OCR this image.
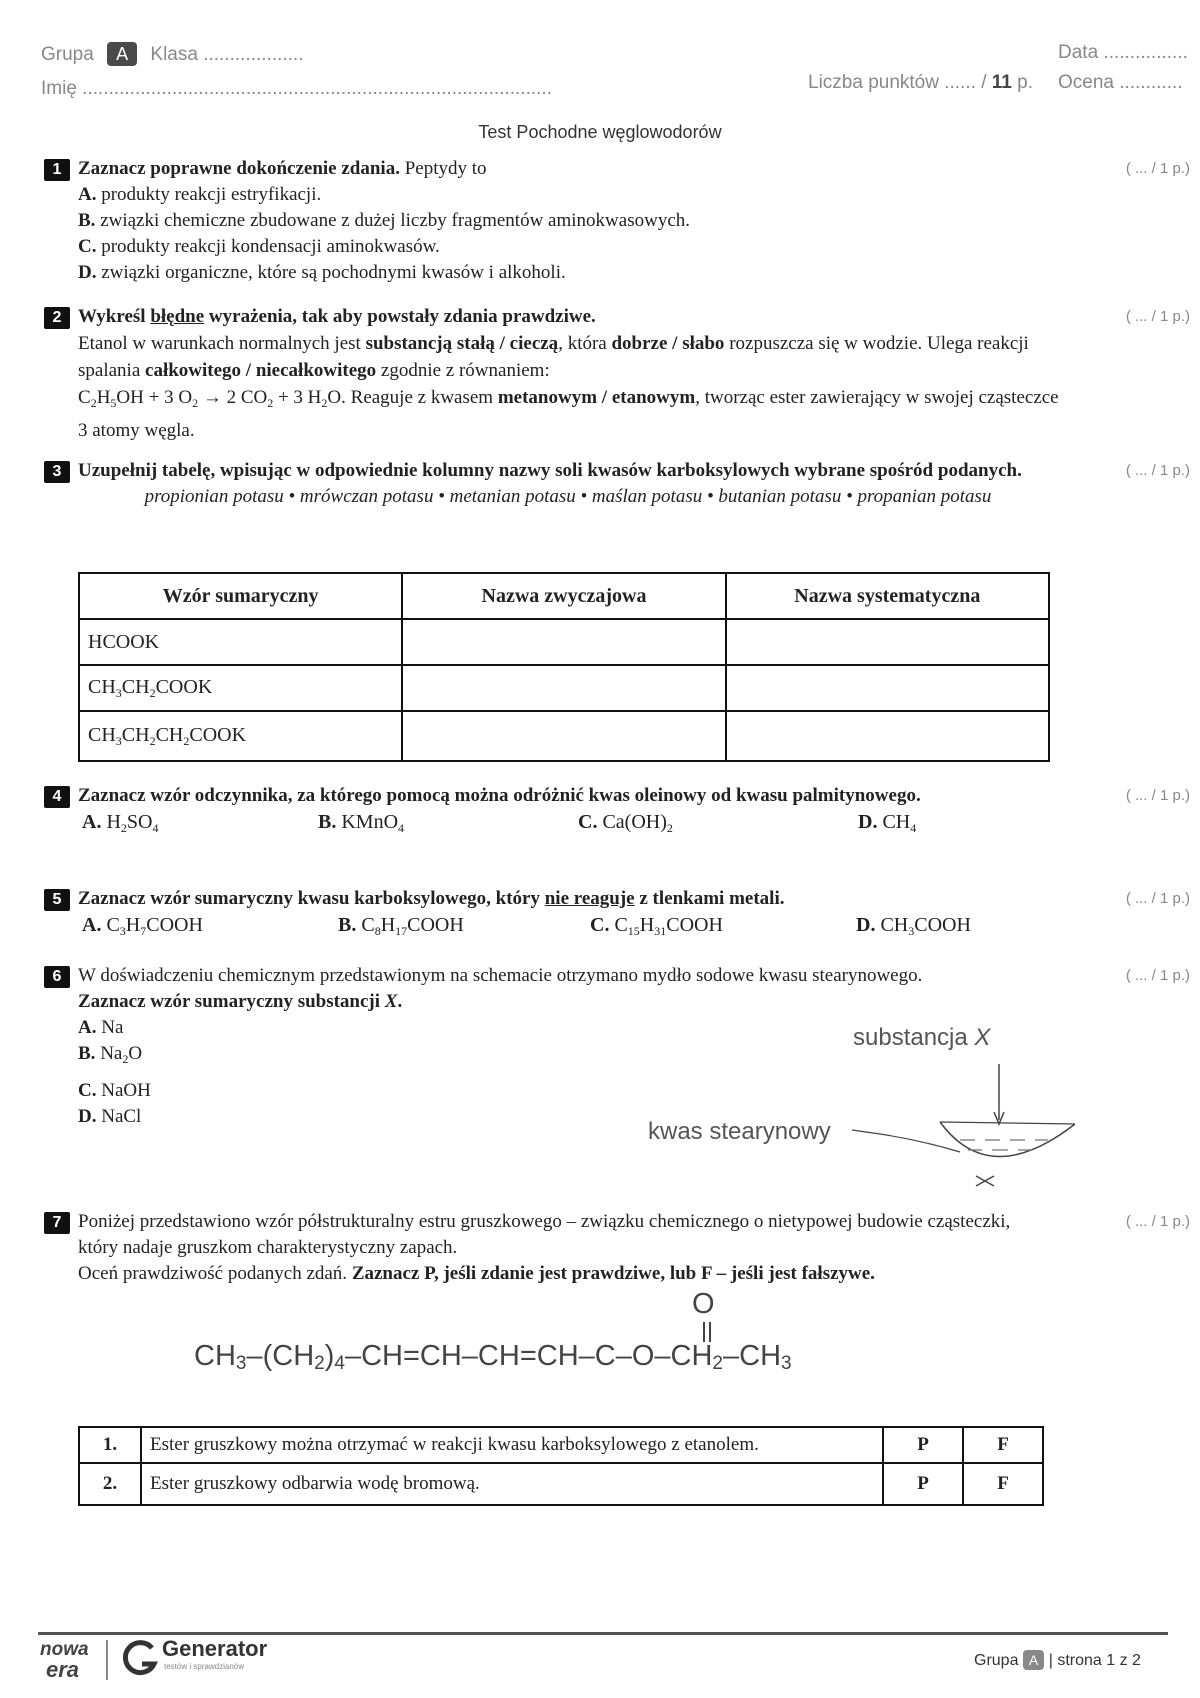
Grupa A Klasa ...................
Imię .........................................................................................
Data ................
Liczba punktów ...... / 11 p. Ocena ............
Test Pochodne węglowodorów
1	( ... / 1 p.)
Zaznacz poprawne dokończenie zdania. Peptydy to
A. produkty reakcji estryfikacji.
B. związki chemiczne zbudowane z dużej liczby fragmentów aminokwasowych.
C. produkty reakcji kondensacji aminokwasów.
D. związki organiczne, które są pochodnymi kwasów i alkoholi.
2	( ... / 1 p.)
Wykreśl błędne wyrażenia, tak aby powstały zdania prawdziwe.
Etanol w warunkach normalnych jest substancją stałą / cieczą, która dobrze / słabo rozpuszcza się w wodzie. Ulega reakcji spalania całkowitego / niecałkowitego zgodnie z równaniem:
$C_2H_5OH + 3$ $O_2 \to 2$ $CO_2 + 3$ $H_2O$. Reaguje z kwasem metanowym / etanowym, tworząc ester zawierający w swojej cząsteczce 3 atomy węgla.
3	( ... / 1 p.)
Uzupełnij tabelę, wpisując w odpowiednie kolumny nazwy soli kwasów karboksylowych wybrane spośród podanych.
propionian potasu • mrówczan potasu • metanian potasu • maślan potasu • butanian potasu • propanian potasu
Wzór sumaryczny	Nazwa zwyczajowa	Nazwa systematyczna
HCOOK		
$CH_3CH_2COOK$		
$CH_3CH_2CH_2COOK$		
4	( ... / 1 p.)
Zaznacz wzór odczynnika, za którego pomocą można odróżnić kwas oleinowy od kwasu palmitynowego.
A. $H_2SO_4$	B. KMnO$_4$	C. $Ca(OH)_2$	D. $CH_4$
5	( ... / 1 p.)
Zaznacz wzór sumaryczny kwasu karboksylowego, który nie reaguje z tlenkami metali.
A. $C_3H_7COOH$	B. $C_8H_{17}COOH$	C. $C_{15}H_{31}COOH$	D. $CH_3COOH$
6	( ... / 1 p.)
W doświadczeniu chemicznym przedstawionym na schemacie otrzymano mydło sodowe kwasu stearynowego. Zaznacz wzór sumaryczny substancji X.
A. Na
B. $Na_2O$
C. NaOH
D. NaCl
substancja X
kwas stearynowy
7	( ... / 1 p.)
Poniżej przedstawiono wzór półstrukturalny estru gruszkowego – związku chemicznego o nietypowej budowie cząsteczki, który nadaje gruszkom charakterystyczny zapach.
Oceń prawdziwość podanych zdań. Zaznacz P, jeśli zdanie jest prawdziwe, lub F – jeśli jest fałszywe.
O
$CH_3-(CH_2)_4-CH=CH-CH=CH-C-O-CH_2-CH_3$
1.	Ester gruszkowy można otrzymać w reakcji kwasu karboksylowego z etanolem.	P	F
2.	Ester gruszkowy odbarwia wodę bromową.	P	F
nowa
era
Generator
testów i sprawdzianów	Grupa A | strona 1 z 2
